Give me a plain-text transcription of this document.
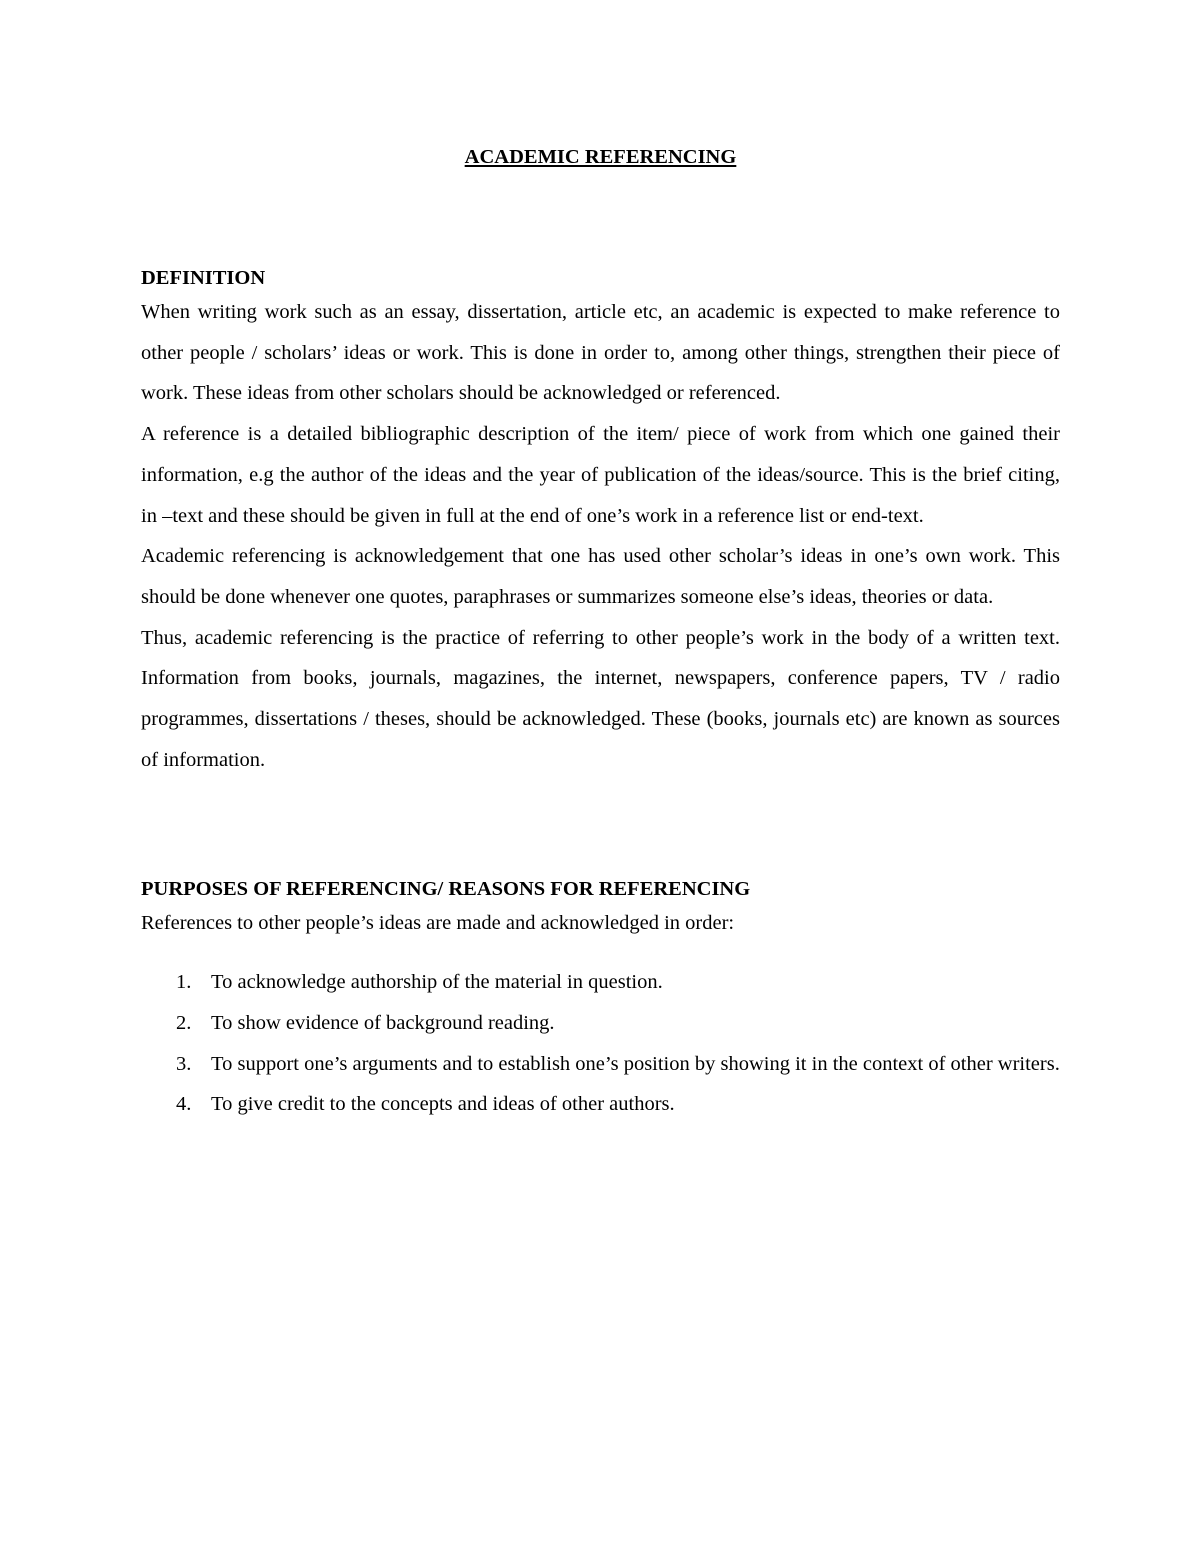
ACADEMIC REFERENCING
DEFINITION

When writing work such as an essay, dissertation, article etc, an academic is expected to make reference to other people / scholars’ ideas or work. This is done in order to, among other things, strengthen their piece of work. These ideas from other scholars should be acknowledged or referenced.

A reference is a detailed bibliographic description of the item/ piece of work from which one gained their information, e.g the author of the ideas and the year of publication of the ideas/source. This is the brief citing, in –text and these should be given in full at the end of one’s work in a reference list or end-text.

Academic referencing is acknowledgement that one has used other scholar’s ideas in one’s own work. This should be done whenever one quotes, paraphrases or summarizes someone else’s ideas, theories or data.

Thus, academic referencing is the practice of referring to other people’s work in the body of a written text. Information from books, journals, magazines, the internet, newspapers, conference papers, TV / radio programmes, dissertations / theses, should be acknowledged. These (books, journals etc) are known as sources of information.

PURPOSES OF REFERENCING/ REASONS FOR REFERENCING

References to other people’s ideas are made and acknowledged in order:

1. To acknowledge authorship of the material in question.
2. To show evidence of background reading.
3. To support one’s arguments and to establish one’s position by showing it in the context of other writers.
4. To give credit to the concepts and ideas of other authors.
